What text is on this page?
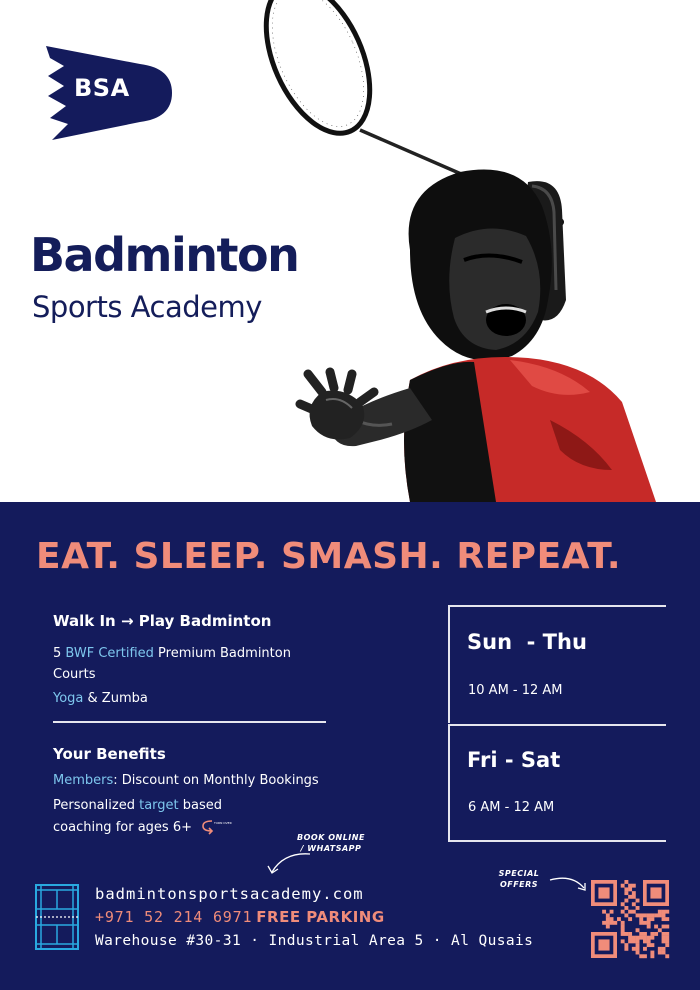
BSA
Badminton
Sports Academy
EAT. SLEEP. SMASH. REPEAT.
Walk In → Play Badminton
5 BWF Certified Premium Badminton Courts
Yoga & Zumba
Your Benefits
Members: Discount on Monthly Bookings
Personalized target based coaching for ages 6+	TURN OVER
Sun  - Thu
10 AM - 12 AM
Fri - Sat
6 AM - 12 AM
BOOK ONLINE / WHATSAPP
SPECIAL OFFERS
badmintonsportsacademy.com
+971 52 214 6971 FREE PARKING
Warehouse #30-31 · Industrial Area 5 · Al Qusais
